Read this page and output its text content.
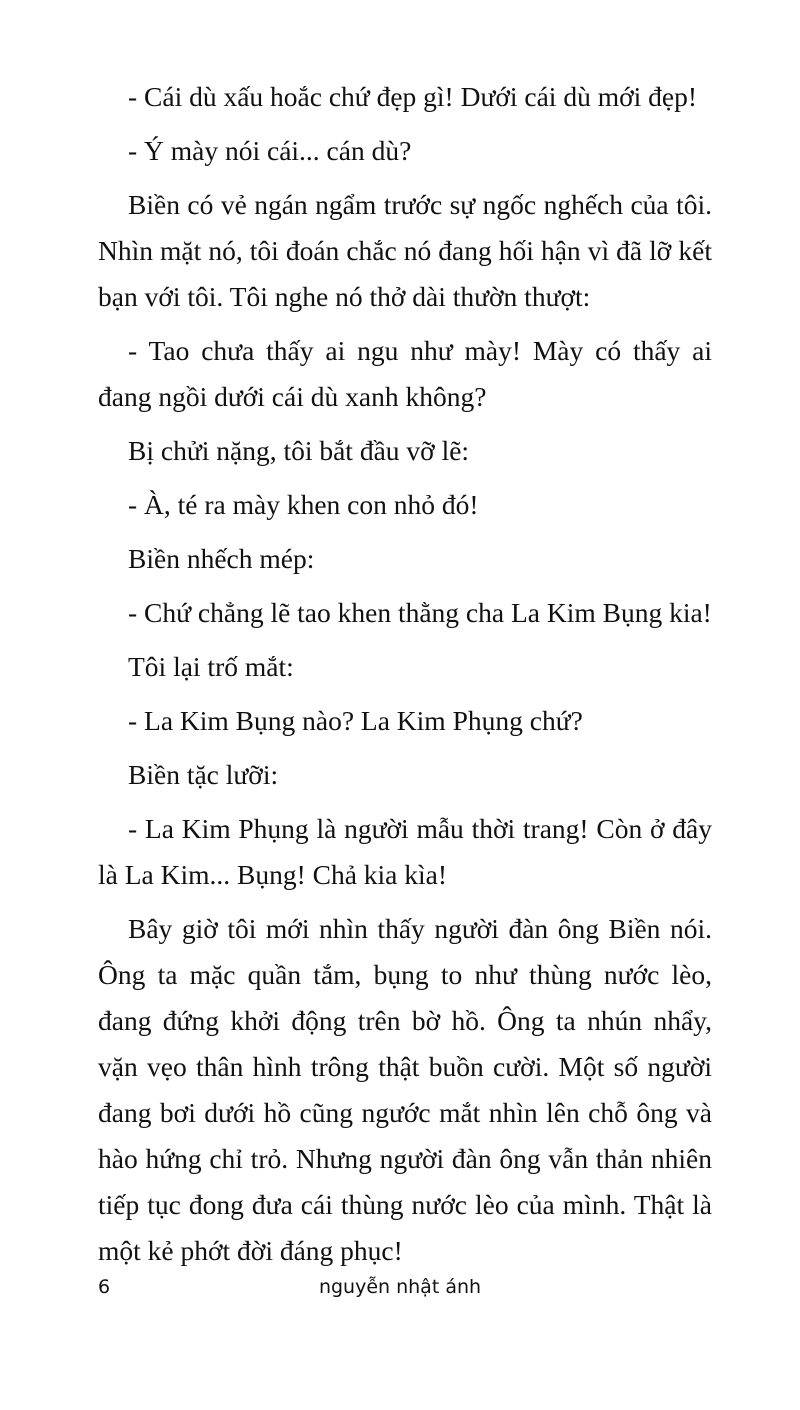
- Cái dù xấu hoắc chứ đẹp gì! Dưới cái dù mới đẹp!

- Ý mày nói cái... cán dù?

Biền có vẻ ngán ngẩm trước sự ngốc nghếch của tôi. Nhìn mặt nó, tôi đoán chắc nó đang hối hận vì đã lỡ kết bạn với tôi. Tôi nghe nó thở dài thườn thượt:

- Tao chưa thấy ai ngu như mày! Mày có thấy ai đang ngồi dưới cái dù xanh không?

Bị chửi nặng, tôi bắt đầu vỡ lẽ:

- À, té ra mày khen con nhỏ đó!

Biền nhếch mép:

- Chứ chẳng lẽ tao khen thằng cha La Kim Bụng kia!

Tôi lại trố mắt:

- La Kim Bụng nào? La Kim Phụng chứ?

Biền tặc lưỡi:

- La Kim Phụng là người mẫu thời trang! Còn ở đây là La Kim... Bụng! Chả kia kìa!

Bây giờ tôi mới nhìn thấy người đàn ông Biền nói. Ông ta mặc quần tắm, bụng to như thùng nước lèo, đang đứng khởi động trên bờ hồ. Ông ta nhún nhẩy, vặn vẹo thân hình trông thật buồn cười. Một số người đang bơi dưới hồ cũng ngước mắt nhìn lên chỗ ông và hào hứng chỉ trỏ. Nhưng người đàn ông vẫn thản nhiên tiếp tục đong đưa cái thùng nước lèo của mình. Thật là một kẻ phớt đời đáng phục!

6	nguyễn nhật ánh
